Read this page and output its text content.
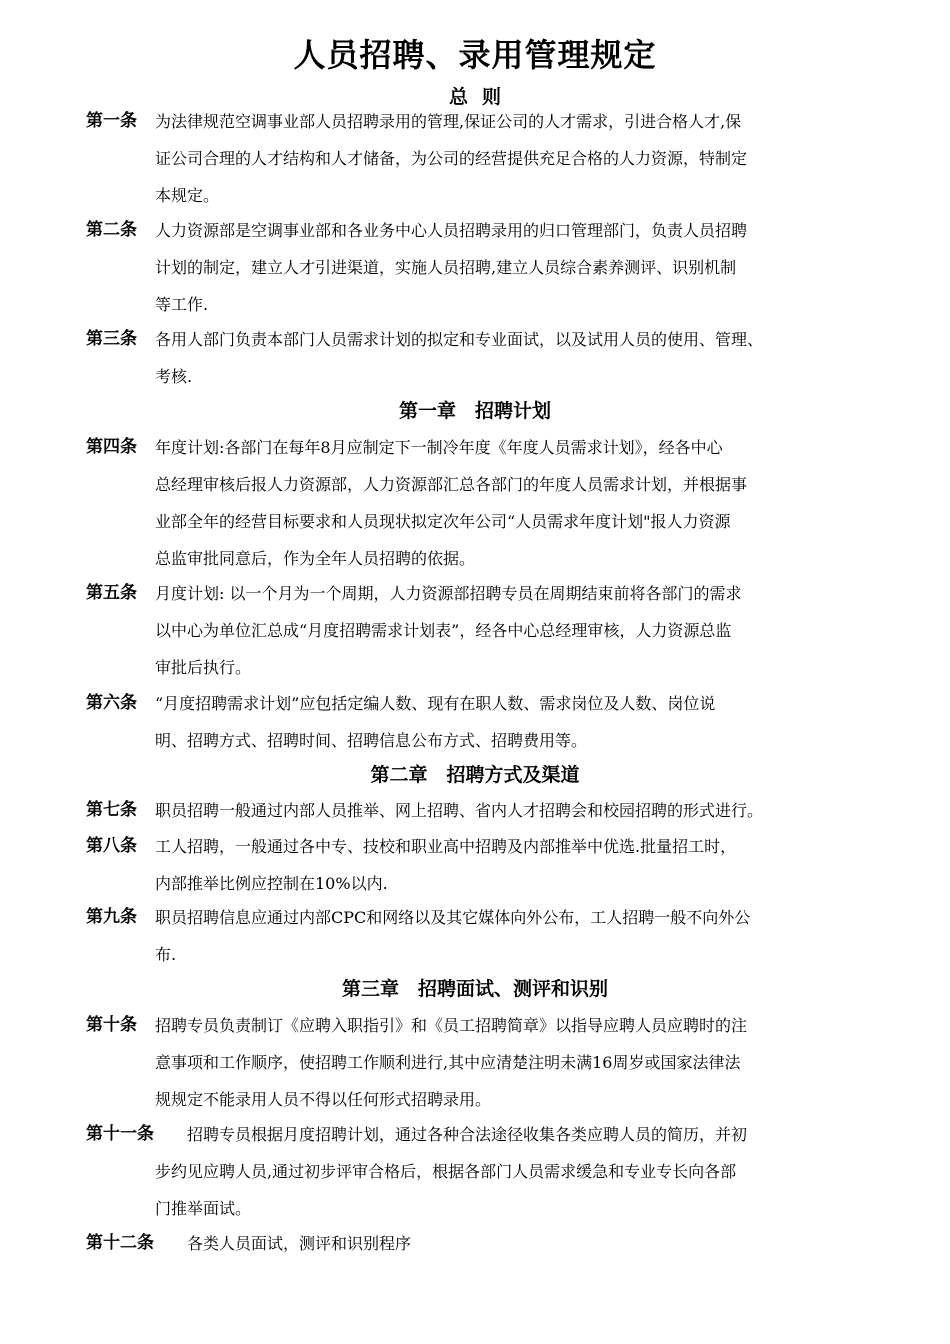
人员招聘、录用管理规定
总则
第一条 为法律规范空调事业部人员招聘录用的管理,保证公司的人才需求，引进合格人才,保
证公司合理的人才结构和人才储备，为公司的经营提供充足合格的人力资源，特制定
本规定。
第二条 人力资源部是空调事业部和各业务中心人员招聘录用的归口管理部门，负责人员招聘
计划的制定，建立人才引进渠道，实施人员招聘,建立人员综合素养测评、识别机制
等工作.
第三条 各用人部门负责本部门人员需求计划的拟定和专业面试，以及试用人员的使用、管理、
考核.
第一章　招聘计划
第四条 年度计划:各部门在每年8月应制定下一制冷年度《年度人员需求计划》，经各中心
总经理审核后报人力资源部，人力资源部汇总各部门的年度人员需求计划，并根据事
业部全年的经营目标要求和人员现状拟定次年公司“人员需求年度计划"报人力资源
总监审批同意后，作为全年人员招聘的依据。
第五条 月度计划: 以一个月为一个周期，人力资源部招聘专员在周期结束前将各部门的需求
以中心为单位汇总成“月度招聘需求计划表”，经各中心总经理审核，人力资源总监
审批后执行。
第六条 “月度招聘需求计划”应包括定编人数、现有在职人数、需求岗位及人数、岗位说
明、招聘方式、招聘时间、招聘信息公布方式、招聘费用等。
第二章　招聘方式及渠道
第七条 职员招聘一般通过内部人员推举、网上招聘、省内人才招聘会和校园招聘的形式进行。
第八条 工人招聘，一般通过各中专、技校和职业高中招聘及内部推举中优选.批量招工时，
内部推举比例应控制在10%以内.
第九条 职员招聘信息应通过内部CPC和网络以及其它媒体向外公布，工人招聘一般不向外公
布.
第三章　招聘面试、测评和识别
第十条 招聘专员负责制订《应聘入职指引》和《员工招聘简章》以指导应聘人员应聘时的注
意事项和工作顺序，使招聘工作顺利进行,其中应清楚注明未满16周岁或国家法律法
规规定不能录用人员不得以任何形式招聘录用。
第十一条 招聘专员根据月度招聘计划，通过各种合法途径收集各类应聘人员的简历，并初
步约见应聘人员,通过初步评审合格后，根据各部门人员需求缓急和专业专长向各部
门推举面试。
第十二条 各类人员面试，测评和识别程序
